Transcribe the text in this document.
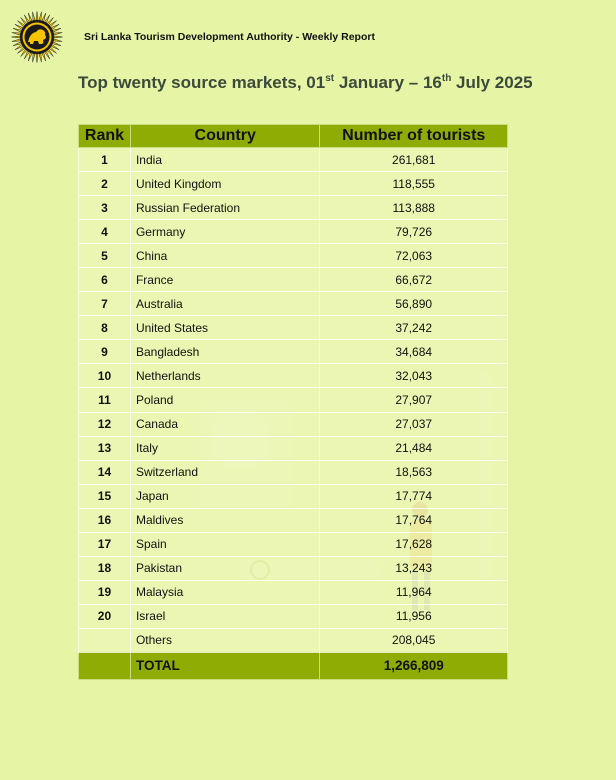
Sri Lanka Tourism Development Authority - Weekly Report
Top twenty source markets, 01st January – 16th July 2025
Rank	Country	Number of tourists
1	India	261,681
2	United Kingdom	118,555
3	Russian Federation	113,888
4	Germany	79,726
5	China	72,063
6	France	66,672
7	Australia	56,890
8	United States	37,242
9	Bangladesh	34,684
10	Netherlands	32,043
11	Poland	27,907
12	Canada	27,037
13	Italy	21,484
14	Switzerland	18,563
15	Japan	17,774
16	Maldives	17,764
17	Spain	17,628
18	Pakistan	13,243
19	Malaysia	11,964
20	Israel	11,956
	Others	208,045
	TOTAL	1,266,809
